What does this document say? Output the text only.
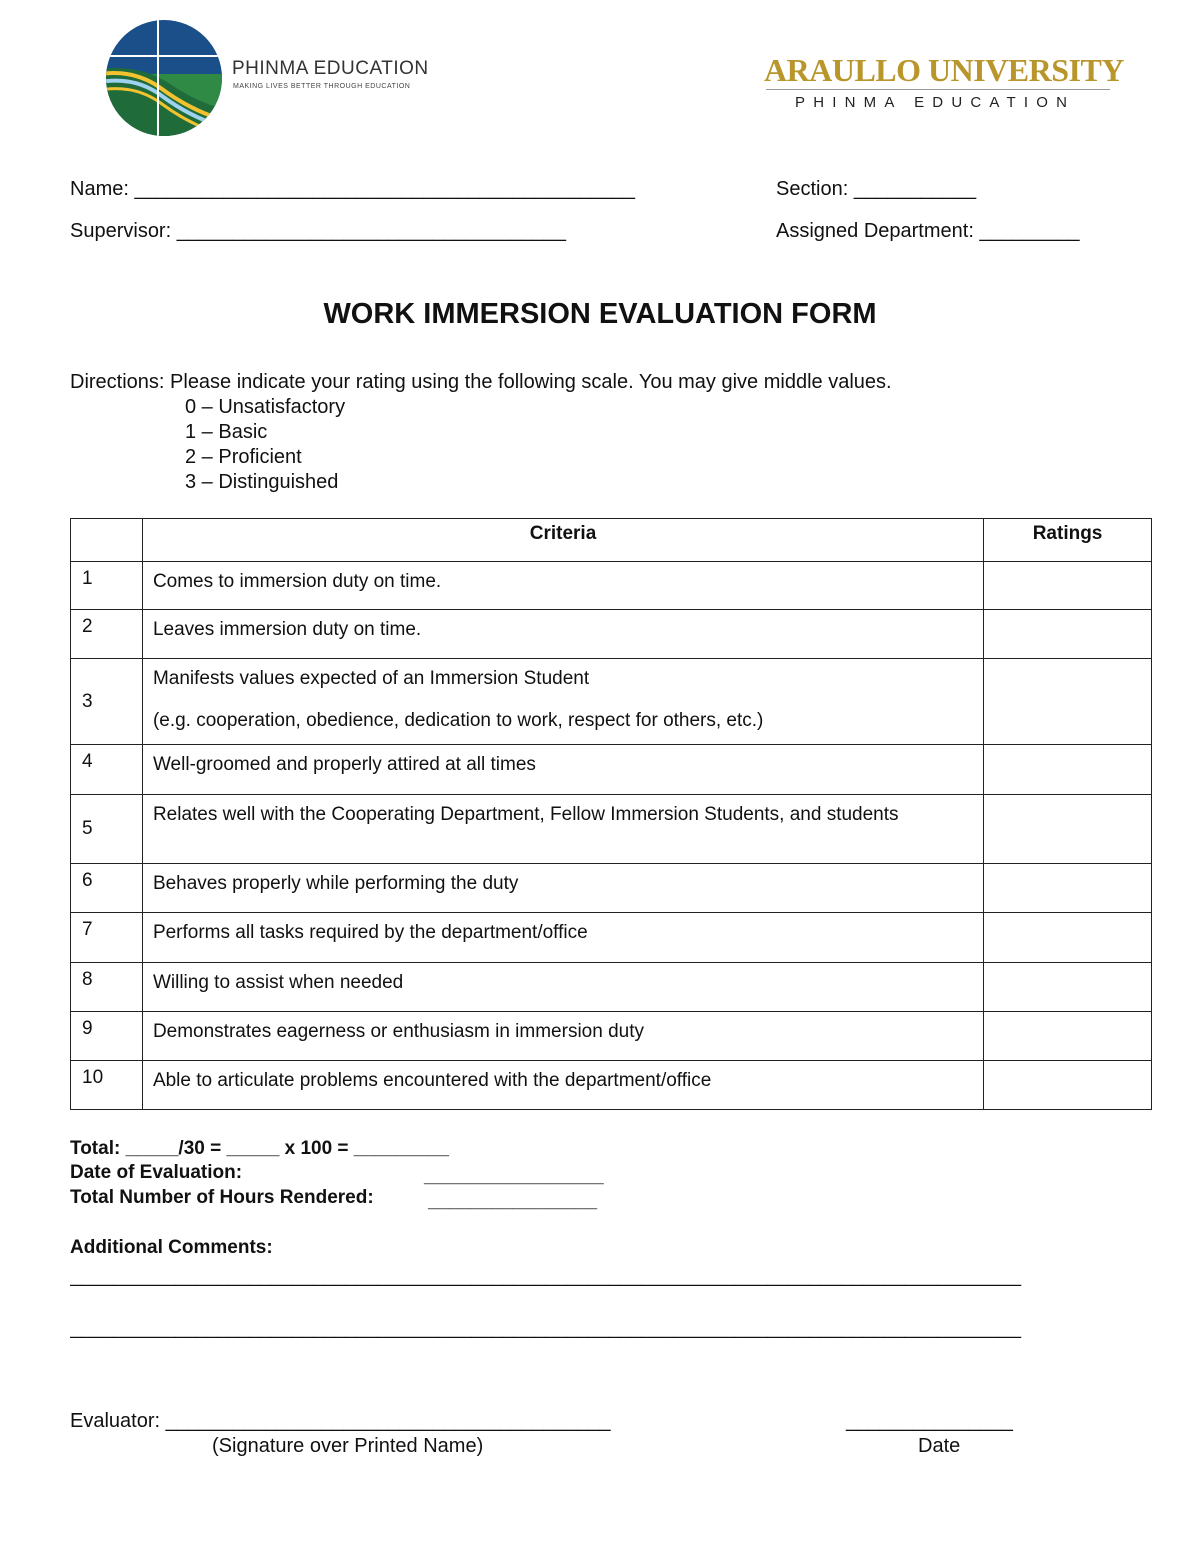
PHINMA EDUCATION
MAKING LIVES BETTER THROUGH EDUCATION	ARAULLO UNIVERSITY
PHINMA EDUCATION
Name: _____________________________________________	Section: ___________
Supervisor: ___________________________________	Assigned Department: _________
WORK IMMERSION EVALUATION FORM
Directions: Please indicate your rating using the following scale. You may give middle values.
0 – Unsatisfactory
1 – Basic
2 – Proficient
3 – Distinguished
	Criteria	Ratings
1	Comes to immersion duty on time.	
2	Leaves immersion duty on time.	
3	Manifests values expected of an Immersion Student
(e.g. cooperation, obedience, dedication to work, respect for others, etc.)	

4	Well-groomed and properly attired at all times	
5	Relates well with the Cooperating Department, Fellow Immersion Students, and students	
6	Behaves properly while performing the duty	
7	Performs all tasks required by the department/office	
8	Willing to assist when needed	
9	Demonstrates eagerness or enthusiasm in immersion duty	
10	Able to articulate problems encountered with the department/office	
Total: _____/30 = _____ x 100 = _________
Date of Evaluation:	_________________
Total Number of Hours Rendered:	________________
Additional Comments:
__________________________________________________________________________________________
__________________________________________________________________________________________
Evaluator: ________________________________________	_______________
(Signature over Printed Name)	Date
